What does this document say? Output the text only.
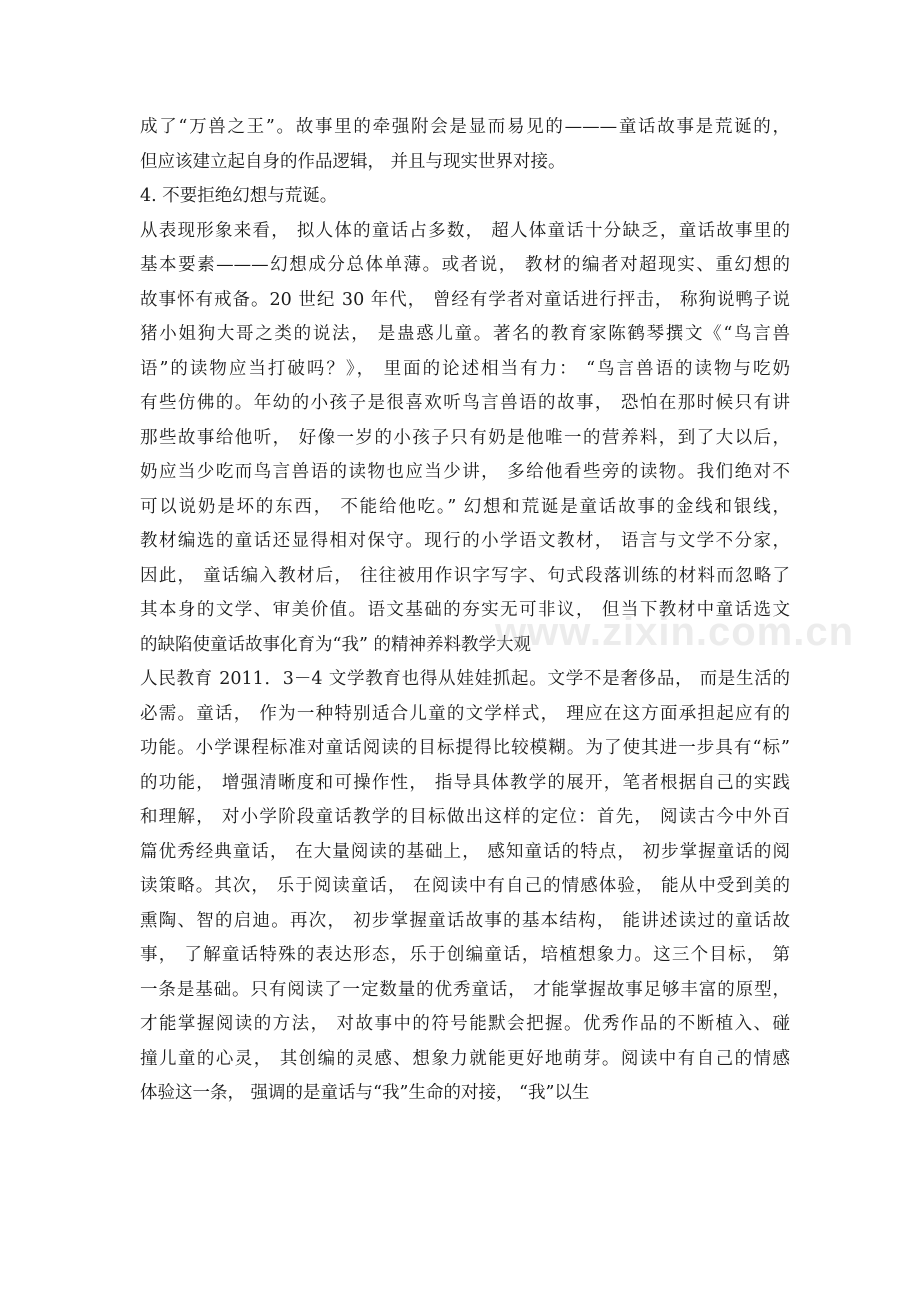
成了“万兽之王”。故事里的牵强附会是显而易见的———童话故事是荒诞的，
但应该建立起自身的作品逻辑， 并且与现实世界对接。
4. 不要拒绝幻想与荒诞。
从表现形象来看， 拟人体的童话占多数， 超人体童话十分缺乏，童话故事里的
基本要素———幻想成分总体单薄。或者说， 教材的编者对超现实、重幻想的
故事怀有戒备。20 世纪 30 年代， 曾经有学者对童话进行抨击， 称狗说鸭子说
猪小姐狗大哥之类的说法， 是蛊惑儿童。著名的教育家陈鹤琴撰文《“鸟言兽
语”的读物应当打破吗？》， 里面的论述相当有力： “鸟言兽语的读物与吃奶
有些仿佛的。年幼的小孩子是很喜欢听鸟言兽语的故事， 恐怕在那时候只有讲
那些故事给他听， 好像一岁的小孩子只有奶是他唯一的营养料，到了大以后，
奶应当少吃而鸟言兽语的读物也应当少讲， 多给他看些旁的读物。我们绝对不
可以说奶是坏的东西， 不能给他吃。” 幻想和荒诞是童话故事的金线和银线，
教材编选的童话还显得相对保守。现行的小学语文教材， 语言与文学不分家，
因此， 童话编入教材后， 往往被用作识字写字、句式段落训练的材料而忽略了
其本身的文学、审美价值。语文基础的夯实无可非议， 但当下教材中童话选文
的缺陷使童话故事化育为“我” 的精神养料教学大观
人民教育 2011．3－4 文学教育也得从娃娃抓起。文学不是奢侈品， 而是生活的
必需。童话， 作为一种特别适合儿童的文学样式， 理应在这方面承担起应有的
功能。小学课程标准对童话阅读的目标提得比较模糊。为了使其进一步具有“标”
的功能， 增强清晰度和可操作性， 指导具体教学的展开，笔者根据自己的实践
和理解， 对小学阶段童话教学的目标做出这样的定位：首先， 阅读古今中外百
篇优秀经典童话， 在大量阅读的基础上， 感知童话的特点， 初步掌握童话的阅
读策略。其次， 乐于阅读童话， 在阅读中有自己的情感体验， 能从中受到美的
熏陶、智的启迪。再次， 初步掌握童话故事的基本结构， 能讲述读过的童话故
事， 了解童话特殊的表达形态，乐于创编童话，培植想象力。这三个目标， 第
一条是基础。只有阅读了一定数量的优秀童话， 才能掌握故事足够丰富的原型，
才能掌握阅读的方法， 对故事中的符号能默会把握。优秀作品的不断植入、碰
撞儿童的心灵， 其创编的灵感、想象力就能更好地萌芽。阅读中有自己的情感
体验这一条， 强调的是童话与“我”生命的对接， “我”以生
www.zixin.com.cn
